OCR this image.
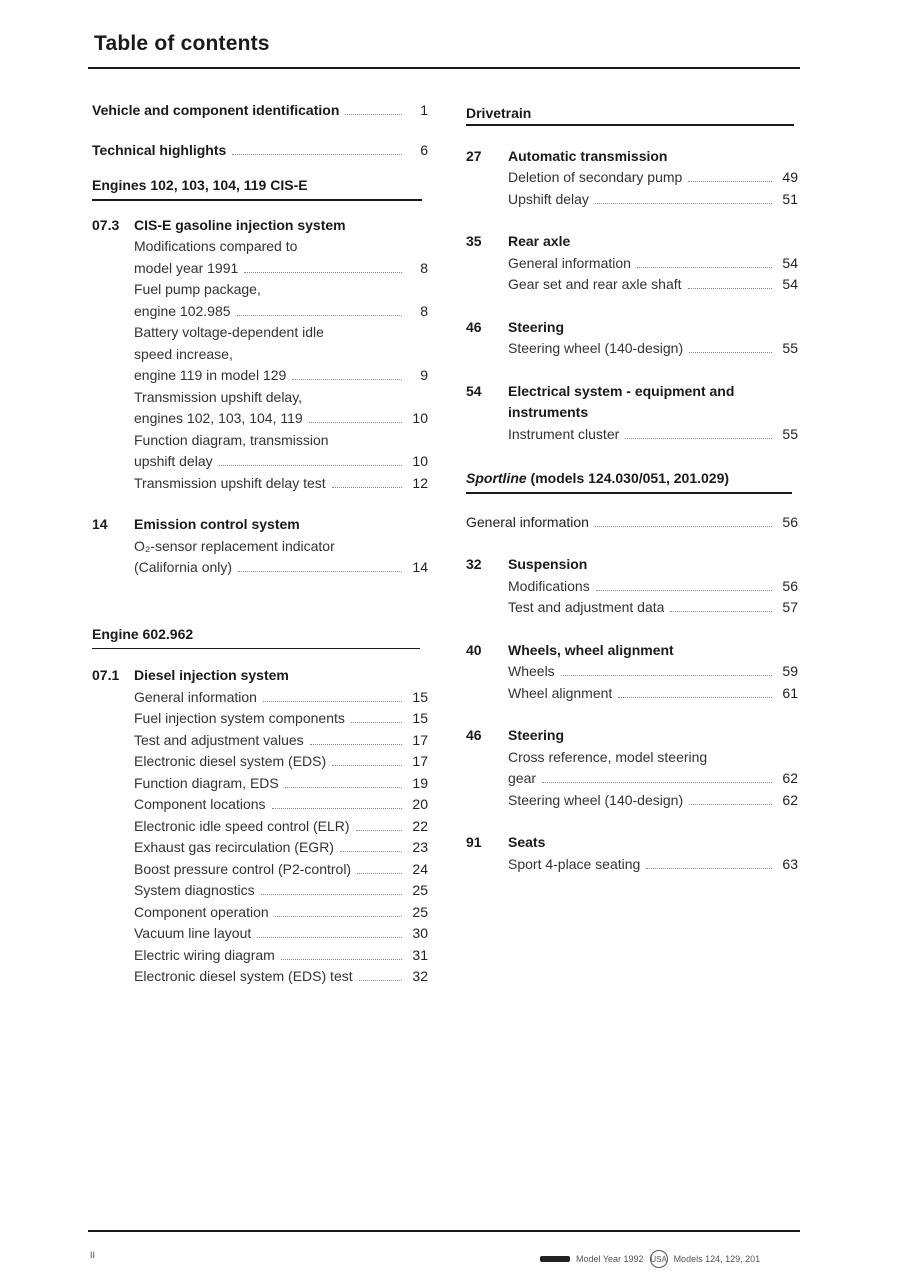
Table of contents
Vehicle and component identification	1
Technical highlights	6
Engines 102, 103, 104, 119 CIS-E
07.3	CIS-E gasoline injection system
Modifications compared to
model year 1991	8
Fuel pump package,
engine 102.985	8
Battery voltage-dependent idle
speed increase,
engine 119 in model 129	9
Transmission upshift delay,
engines 102, 103, 104, 119	10
Function diagram, transmission
upshift delay	10
Transmission upshift delay test	12
14	Emission control system
O₂-sensor replacement indicator
(California only)	14
Engine 602.962
07.1	Diesel injection system
General information	15
Fuel injection system components	15
Test and adjustment values	17
Electronic diesel system (EDS)	17
Function diagram, EDS	19
Component locations	20
Electronic idle speed control (ELR)	22
Exhaust gas recirculation (EGR)	23
Boost pressure control (P2-control)	24
System diagnostics	25
Component operation	25
Vacuum line layout	30
Electric wiring diagram	31
Electronic diesel system (EDS) test	32
Drivetrain
27	Automatic transmission
Deletion of secondary pump	49
Upshift delay	51
35	Rear axle
General information	54
Gear set and rear axle shaft	54
46	Steering
Steering wheel (140-design)	55
54	Electrical system - equipment and
instruments
Instrument cluster	55
Sportline (models 124.030/051, 201.029)
General information	56
32	Suspension
Modifications	56
Test and adjustment data	57
40	Wheels, wheel alignment
Wheels	59
Wheel alignment	61
46	Steering
Cross reference, model steering
gear	62
Steering wheel (140-design)	62
91	Seats
Sport 4-place seating	63
II	Model Year 1992 USA Models 124, 129, 201
